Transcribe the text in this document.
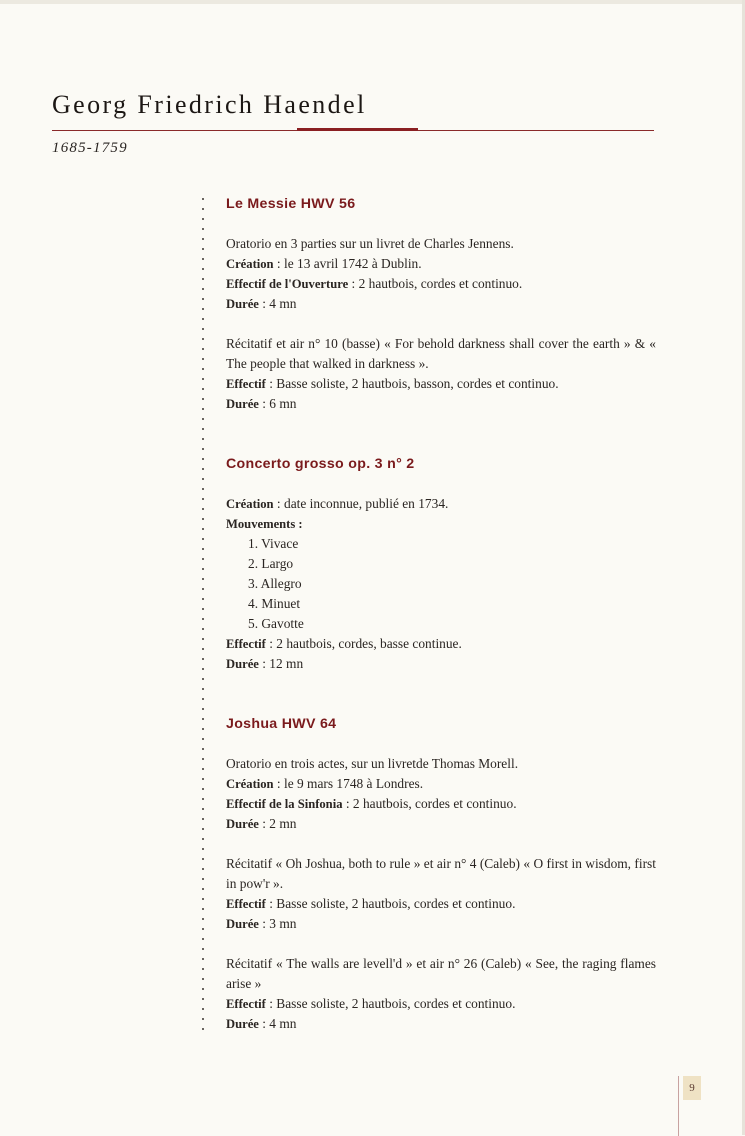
Georg Friedrich Haendel
1685-1759
Le Messie HWV 56
Oratorio en 3 parties sur un livret de Charles Jennens.
Création : le 13 avril 1742 à Dublin.
Effectif de l'Ouverture : 2 hautbois, cordes et continuo.
Durée : 4 mn
Récitatif et air n° 10 (basse) « For behold darkness shall cover the earth » & « The people that walked in darkness ».
Effectif : Basse soliste, 2 hautbois, basson, cordes et continuo.
Durée : 6 mn
Concerto grosso op. 3 n° 2
Création : date inconnue, publié en 1734.
Mouvements :
1. Vivace
2. Largo
3. Allegro
4. Minuet
5. Gavotte
Effectif : 2 hautbois, cordes, basse continue.
Durée : 12 mn
Joshua HWV 64
Oratorio en trois actes, sur un livretde Thomas Morell.
Création : le 9 mars 1748 à Londres.
Effectif de la Sinfonia : 2 hautbois, cordes et continuo.
Durée : 2 mn
Récitatif « Oh Joshua, both to rule » et air n° 4 (Caleb) « O first in wisdom, first in pow'r ».
Effectif : Basse soliste, 2 hautbois, cordes et continuo.
Durée : 3 mn
Récitatif « The walls are levell'd » et air n° 26 (Caleb) « See, the raging flames arise »
Effectif : Basse soliste, 2 hautbois, cordes et continuo.
Durée : 4 mn
9
